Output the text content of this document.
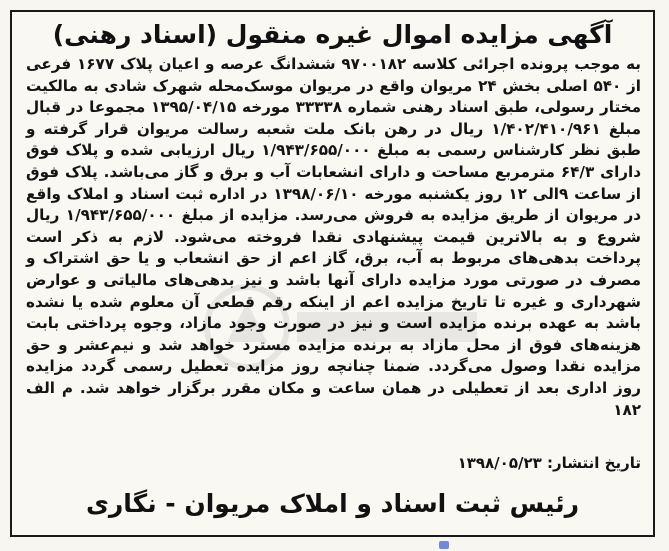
آگهی مزایده اموال غیره منقول (اسناد رهنی)
به موجب پرونده اجرائی کلاسه ۹۷۰۰۱۸۲ ششدانگ عرصه و اعیان پلاک ۱۶۷۷ فرعی از ۵۴۰ اصلی بخش ۲۴ مریوان واقع در مریوان موسک‌محله شهرک شادی به مالکیت مختار رسولی، طبق اسناد رهنی شماره ۳۳۳۳۸ مورخه ۱۳۹۵/۰۴/۱۵ مجموعا در قبال مبلغ ۱/۴۰۲/۴۱۰/۹۶۱ ریال در رهن بانک ملت شعبه رسالت مریوان قرار گرفته و طبق نظر کارشناس رسمی به مبلغ ۱/۹۴۳/۶۵۵/۰۰۰ ریال ارزیابی شده و پلاک فوق دارای ۶۴/۳ مترمربع مساحت و دارای انشعابات آب و برق و گاز می‌باشد. پلاک فوق از ساعت ۹الی ۱۲ روز یکشنبه مورخه ۱۳۹۸/۰۶/۱۰ در اداره ثبت اسناد و املاک واقع در مریوان از طریق مزایده به فروش می‌رسد. مزایده از مبلغ ۱/۹۴۳/۶۵۵/۰۰۰ ریال شروع و به بالاترین قیمت پیشنهادی نقدا فروخته می‌شود. لازم به ذکر است پرداخت بدهی‌های مربوط به آب، برق، گاز اعم از حق انشعاب و یا حق اشتراک و مصرف در صورتی مورد مزایده دارای آنها باشد و نیز بدهی‌های مالیاتی و عوارض شهرداری و غیره تا تاریخ مزایده اعم از اینکه رقم قطعی آن معلوم شده یا نشده باشد به عهده برنده مزایده است و نیز در صورت وجود مازاد، وجوه پرداختی بابت هزینه‌های فوق از محل مازاد به برنده مزایده مسترد خواهد شد و نیم‌عشر و حق مزایده نقدا وصول می‌گردد. ضمنا چنانچه روز مزایده تعطیل رسمی گردد مزایده روز اداری بعد از تعطیلی در همان ساعت و مکان مقرر برگزار خواهد شد. م الف ۱۸۲
تاریخ انتشار: ۱۳۹۸/۰۵/۲۳
رئیس ثبت اسناد و املاک مریوان - نگاری
